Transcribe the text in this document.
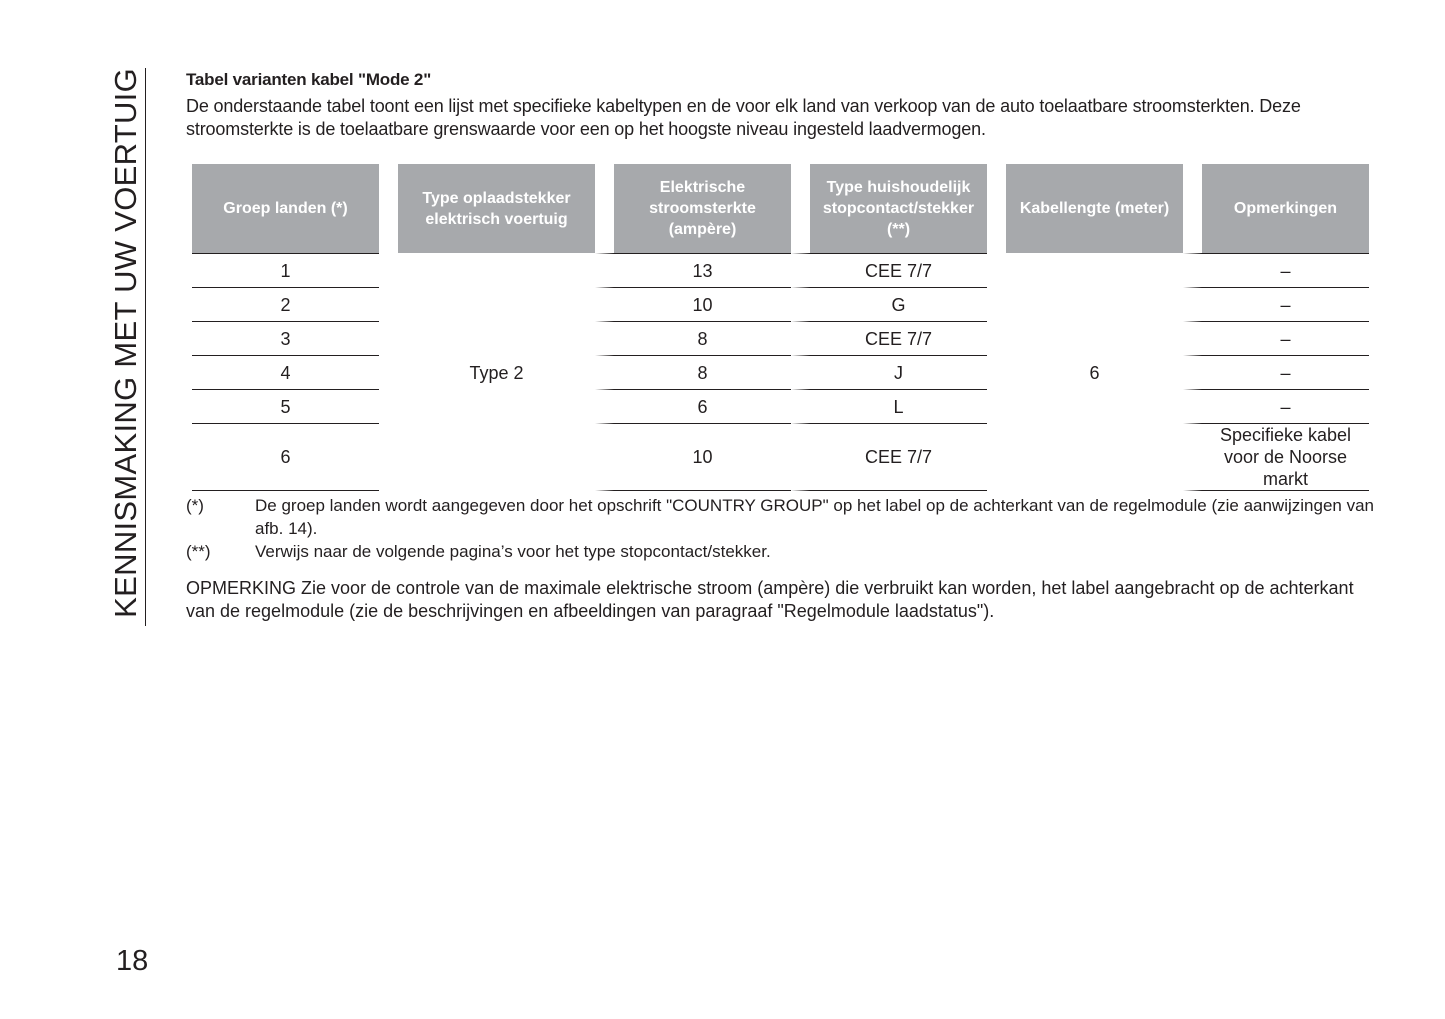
KENNISMAKING MET UW VOERTUIG
18

Tabel varianten kabel "Mode 2"

De onderstaande tabel toont een lijst met specifieke kabeltypen en de voor elk land van verkoop van de auto toelaatbare stroomsterkten. Deze stroomsterkte is de toelaatbare grenswaarde voor een op het hoogste niveau ingesteld laadvermogen.

Groep landen (*)	Type oplaadstekker elektrisch voertuig	Elektrische stroomsterkte (ampère)	Type huishoudelijk stopcontact/stekker (**)	Kabellengte (meter)	Opmerkingen
1	Type 2	13	CEE 7/7	6	–
2		10	G		–
3		8	CEE 7/7		–
4		8	J		–
5		6	L		–
6		10	CEE 7/7		Specifieke kabel voor de Noorse markt
(*)	De groep landen wordt aangegeven door het opschrift "COUNTRY GROUP" op het label op de achterkant van de regelmodule (zie aanwijzingen van afb. 14).
(**)	Verwijs naar de volgende pagina’s voor het type stopcontact/stekker.
OPMERKING Zie voor de controle van de maximale elektrische stroom (ampère) die verbruikt kan worden, het label aangebracht op de achterkant van de regelmodule (zie de beschrijvingen en afbeeldingen van paragraaf "Regelmodule laadstatus").
